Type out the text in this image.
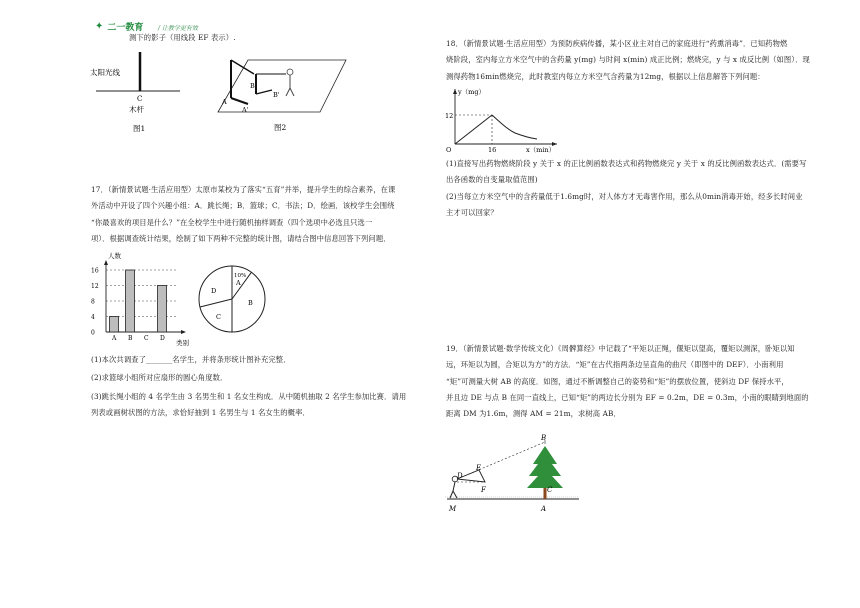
✦ 二一教育 / 让教学更有效
测下的影子（用线段 EF 表示）.
太阳光线
C
木杆
图1
A
B
A'
B'
图2
17．（新情景试题·生活应用型）太原市某校为了落实“五育”并举，提升学生的综合素养，在课
外活动中开设了四个兴趣小组：A．跳长绳；B．篮球；C．书法；D．绘画．该校学生会围绕
“你最喜欢的项目是什么？”在全校学生中进行随机抽样调查（四个选项中必选且只选一
项）．根据调查统计结果，绘制了如下两种不完整的统计图，请结合图中信息回答下列问题．
人数
类别
0
4
8
12
16
A B C D
10%
A
B
C
D
(1)本次共调查了_______名学生，并将条形统计图补充完整．
(2)求篮球小组所对应扇形的圆心角度数．
(3)跳长绳小组的 4 名学生由 3 名男生和 1 名女生构成．从中随机抽取 2 名学生参加比赛．请用
列表或画树状图的方法，求恰好抽到 1 名男生与 1 名女生的概率．
18．（新情景试题·生活应用型）为预防疾病传播，某小区业主对自己的家庭进行“药熏消毒”．已知药物燃
烧阶段，室内每立方米空气中的含药量 y(mg) 与时间 x(min) 成正比例；燃烧完，y 与 x 成反比例（如图）．现
测得药物16min燃烧完，此时教室内每立方米空气含药量为12mg，根据以上信息解答下列问题：
y（mg）
x（min）
O
12
16
(1)直接写出药物燃烧阶段 y 关于 x 的正比例函数表达式和药物燃烧完 y 关于 x 的反比例函数表达式．(需要写
出各函数的自变量取值范围)
(2)当每立方米空气中的含药量低于1.6mg时，对人体方才无毒害作用，那么从0min消毒开始，经多长时间业
主才可以回家？
19．（新情景试题·数学传统文化）《周髀算经》中记载了“平矩以正绳，偃矩以望高，覆矩以测深，卧矩以知
远，环矩以为圆，合矩以为方”的方法．“矩”在古代指两条边呈直角的曲尺（即图中的 DEF）．小南利用
“矩”可测量大树 AB 的高度．如图，通过不断调整自己的姿势和“矩”的摆放位置，使斜边 DF 保持水平，
并且边 DE 与点 B 在同一直线上，已知“矩”的两边长分别为 EF = 0.2m，DE = 0.3m，小南的眼睛到地面的
距离 DM 为1.6m，测得 AM = 21m，求树高 AB．
B
E
D
F	C
M	A
